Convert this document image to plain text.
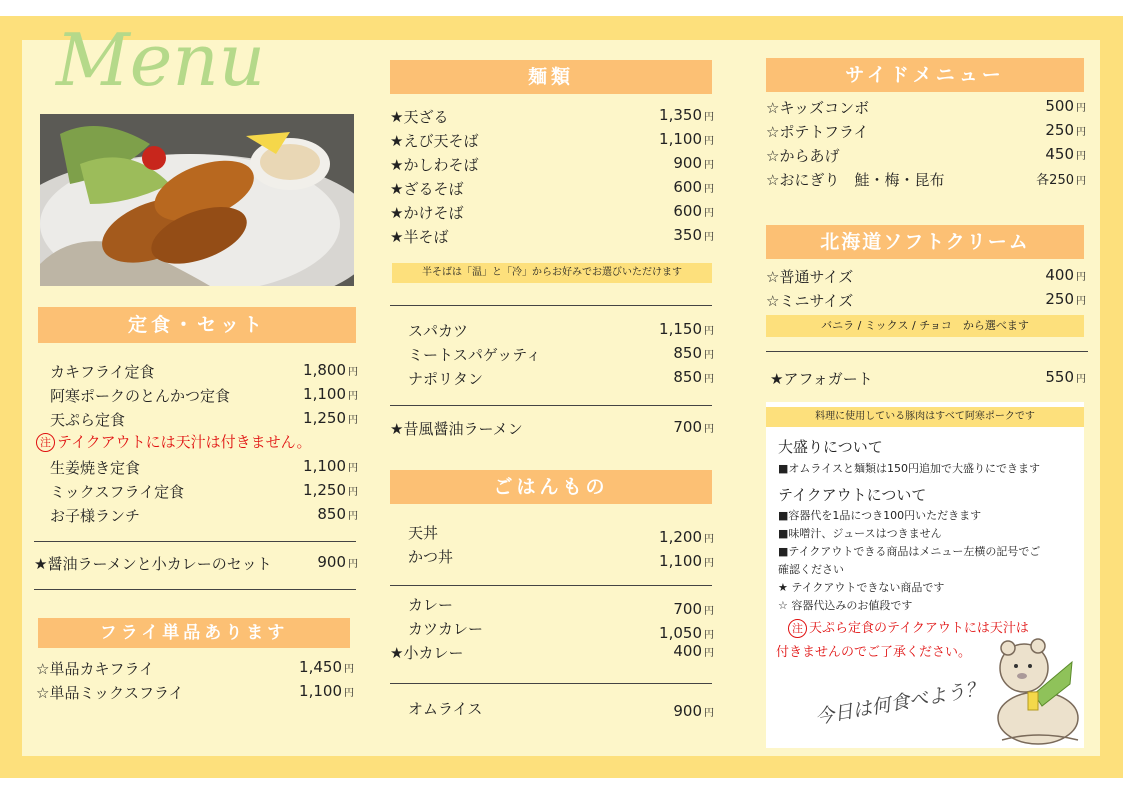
Menu
定食・セット
カキフライ定食	1,800 円
阿寒ポークのとんかつ定食	1,100 円
天ぷら定食	1,250 円
注 テイクアウトには天汁は付きません。
生姜焼き定食	1,100 円
ミックスフライ定食	1,250 円
お子様ランチ	850 円
★醤油ラーメンと小カレーのセット	900 円
フライ単品あります
☆単品カキフライ	1,450 円
☆単品ミックスフライ	1,100 円
麺類
★天ざる	1,350 円
★えび天そば	1,100 円
★かしわそば	900 円
★ざるそば	600 円
★かけそば	600 円
★半そば	350 円
半そばは「温」と「冷」からお好みでお選びいただけます
スパカツ	1,150 円
ミートスパゲッティ	850 円
ナポリタン	850 円
★昔風醤油ラーメン	700 円
ごはんもの
天丼	1,200 円
かつ丼	1,100 円
カレー	700 円
カツカレー	1,050 円
★小カレー	400 円
オムライス	900 円
サイドメニュー
☆キッズコンボ	500 円
☆ポテトフライ	250 円
☆からあげ	450 円
☆おにぎり　鮭・梅・昆布	各250 円
北海道ソフトクリーム
☆普通サイズ	400 円
☆ミニサイズ	250 円
バニラ / ミックス / チョコ　から選べます
★アフォガート	550 円
料理に使用している豚肉はすべて阿寒ポークです
大盛りについて
■オムライスと麺類は150円追加で大盛りにできます
テイクアウトについて
■容器代を1品につき100円いただきます
■味噌汁、ジュースはつきません
■テイクアウトできる商品はメニュー左横の記号でご
確認ください
★ テイクアウトできない商品です
☆ 容器代込みのお値段です
注 天ぷら定食のテイクアウトには天汁は
付きませんのでご了承ください。
今日は何食べよう？
